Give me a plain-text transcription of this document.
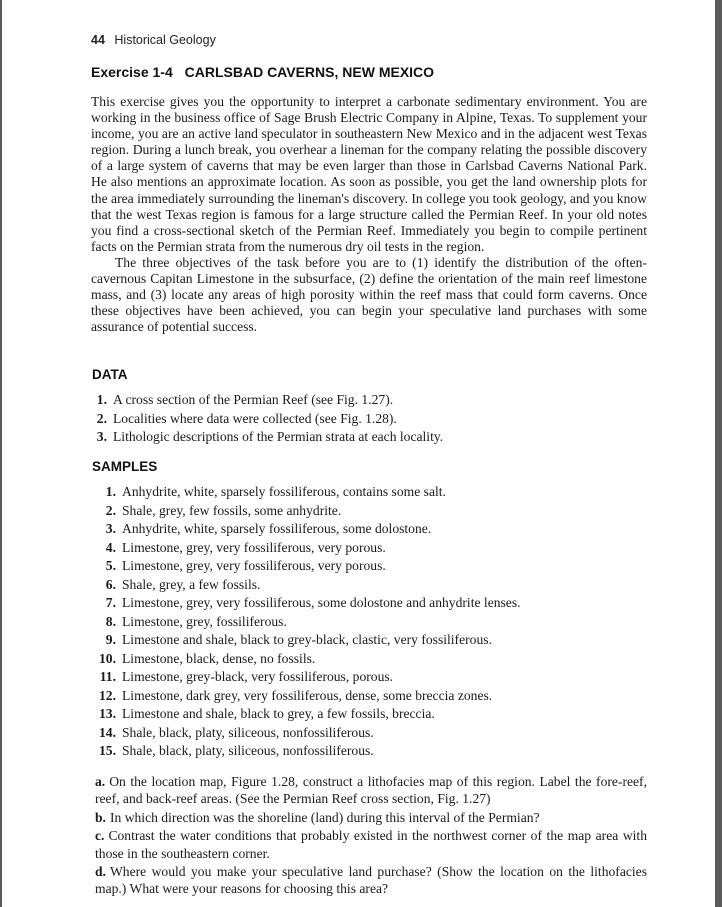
44 Historical Geology
Exercise 1-4 CARLSBAD CAVERNS, NEW MEXICO

This exercise gives you the opportunity to interpret a carbonate sedimentary environment. You are working in the business office of Sage Brush Electric Company in Alpine, Texas. To supplement your income, you are an active land speculator in southeastern New Mexico and in the adjacent west Texas region. During a lunch break, you overhear a lineman for the company relating the possible discovery of a large system of caverns that may be even larger than those in Carlsbad Caverns National Park. He also mentions an approximate location. As soon as possible, you get the land ownership plots for the area immediately surrounding the lineman's discovery. In college you took geology, and you know that the west Texas region is famous for a large structure called the Permian Reef. In your old notes you find a cross-sectional sketch of the Permian Reef. Immediately you begin to compile pertinent facts on the Permian strata from the numerous dry oil tests in the region.

The three objectives of the task before you are to (1) identify the distribution of the often-cavernous Capitan Limestone in the subsurface, (2) define the orientation of the main reef limestone mass, and (3) locate any areas of high porosity within the reef mass that could form caverns. Once these objectives have been achieved, you can begin your speculative land purchases with some assurance of potential success.

DATA
1. A cross section of the Permian Reef (see Fig. 1.27).
2. Localities where data were collected (see Fig. 1.28).
3. Lithologic descriptions of the Permian strata at each locality.
SAMPLES
1. Anhydrite, white, sparsely fossiliferous, contains some salt.
2. Shale, grey, few fossils, some anhydrite.
3. Anhydrite, white, sparsely fossiliferous, some dolostone.
4. Limestone, grey, very fossiliferous, very porous.
5. Limestone, grey, very fossiliferous, very porous.
6. Shale, grey, a few fossils.
7. Limestone, grey, very fossiliferous, some dolostone and anhydrite lenses.
8. Limestone, grey, fossiliferous.
9. Limestone and shale, black to grey-black, clastic, very fossiliferous.
10. Limestone, black, dense, no fossils.
11. Limestone, grey-black, very fossiliferous, porous.
12. Limestone, dark grey, very fossiliferous, dense, some breccia zones.
13. Limestone and shale, black to grey, a few fossils, breccia.
14. Shale, black, platy, siliceous, nonfossiliferous.
15. Shale, black, platy, siliceous, nonfossiliferous.

a. On the location map, Figure 1.28, construct a lithofacies map of this region. Label the fore-reef, reef, and back-reef areas. (See the Permian Reef cross section, Fig. 1.27)

b. In which direction was the shoreline (land) during this interval of the Permian?

c. Contrast the water conditions that probably existed in the northwest corner of the map area with those in the southeastern corner.

d. Where would you make your speculative land purchase? (Show the location on the lithofacies map.) What were your reasons for choosing this area?
